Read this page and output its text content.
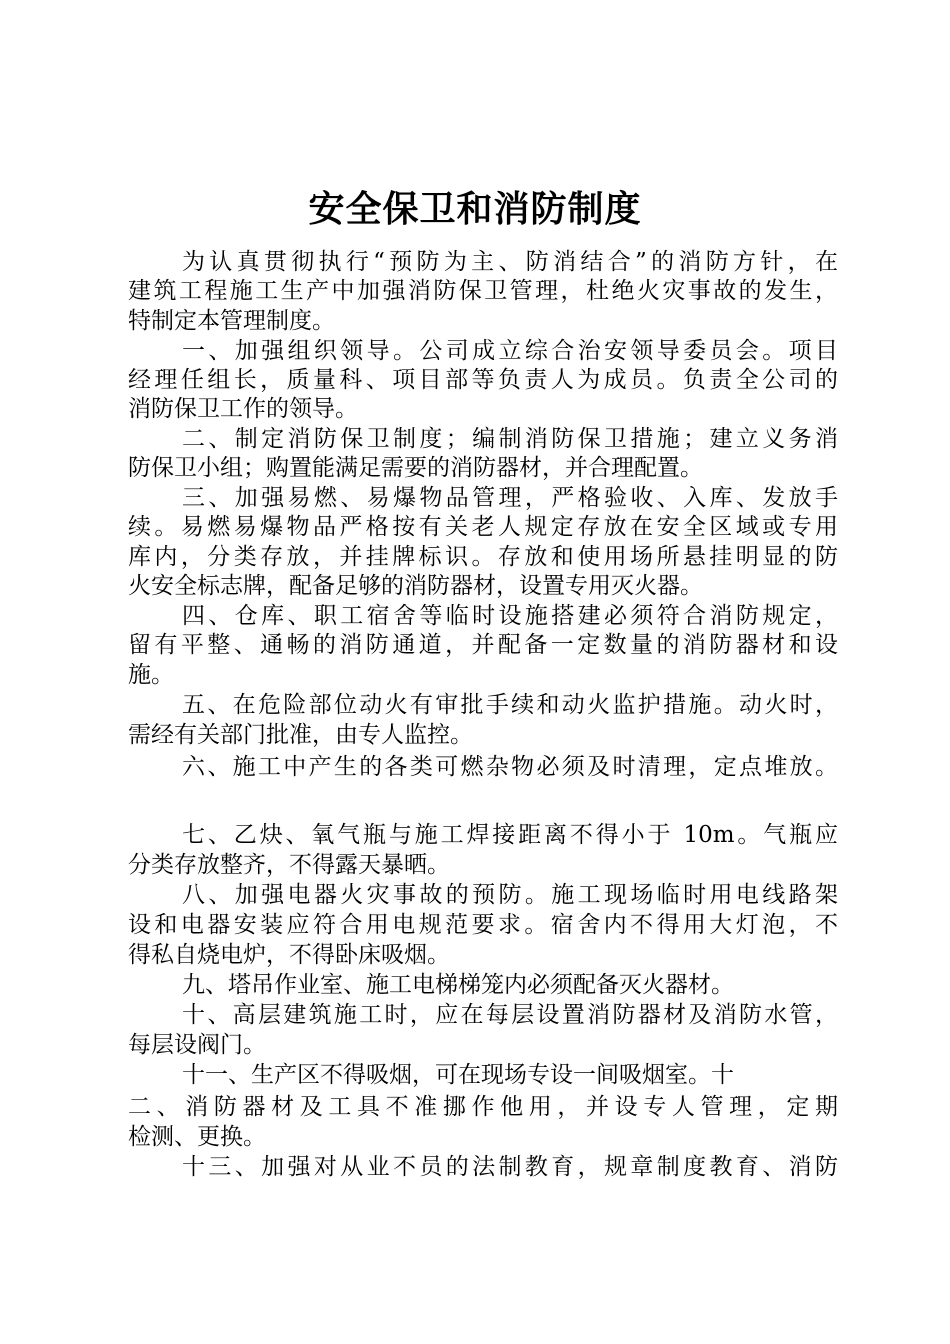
安全保卫和消防制度
为认真贯彻执行“预防为主、防消结合”的消防方针，在
建筑工程施工生产中加强消防保卫管理，杜绝火灾事故的发生，
特制定本管理制度。
一、加强组织领导。公司成立综合治安领导委员会。项目
经理任组长，质量科、项目部等负责人为成员。负责全公司的
消防保卫工作的领导。
二、制定消防保卫制度；编制消防保卫措施；建立义务消
防保卫小组；购置能满足需要的消防器材，并合理配置。
三、加强易燃、易爆物品管理，严格验收、入库、发放手
续。易燃易爆物品严格按有关老人规定存放在安全区域或专用
库内，分类存放，并挂牌标识。存放和使用场所悬挂明显的防
火安全标志牌，配备足够的消防器材，设置专用灭火器。
四、仓库、职工宿舍等临时设施搭建必须符合消防规定，
留有平整、通畅的消防通道，并配备一定数量的消防器材和设
施。
五、在危险部位动火有审批手续和动火监护措施。动火时，
需经有关部门批准，由专人监控。
六、施工中产生的各类可燃杂物必须及时清理，定点堆放。
七、乙炔、氧气瓶与施工焊接距离不得小于 10m。气瓶应
分类存放整齐，不得露天暴晒。
八、加强电器火灾事故的预防。施工现场临时用电线路架
设和电器安装应符合用电规范要求。宿舍内不得用大灯泡，不
得私自烧电炉，不得卧床吸烟。
九、塔吊作业室、施工电梯梯笼内必须配备灭火器材。
十、高层建筑施工时，应在每层设置消防器材及消防水管，
每层设阀门。
十一、生产区不得吸烟，可在现场专设一间吸烟室。十
二、消防器材及工具不准挪作他用，并设专人管理，定期
检测、更换。
十三、加强对从业不员的法制教育，规章制度教育、消防
